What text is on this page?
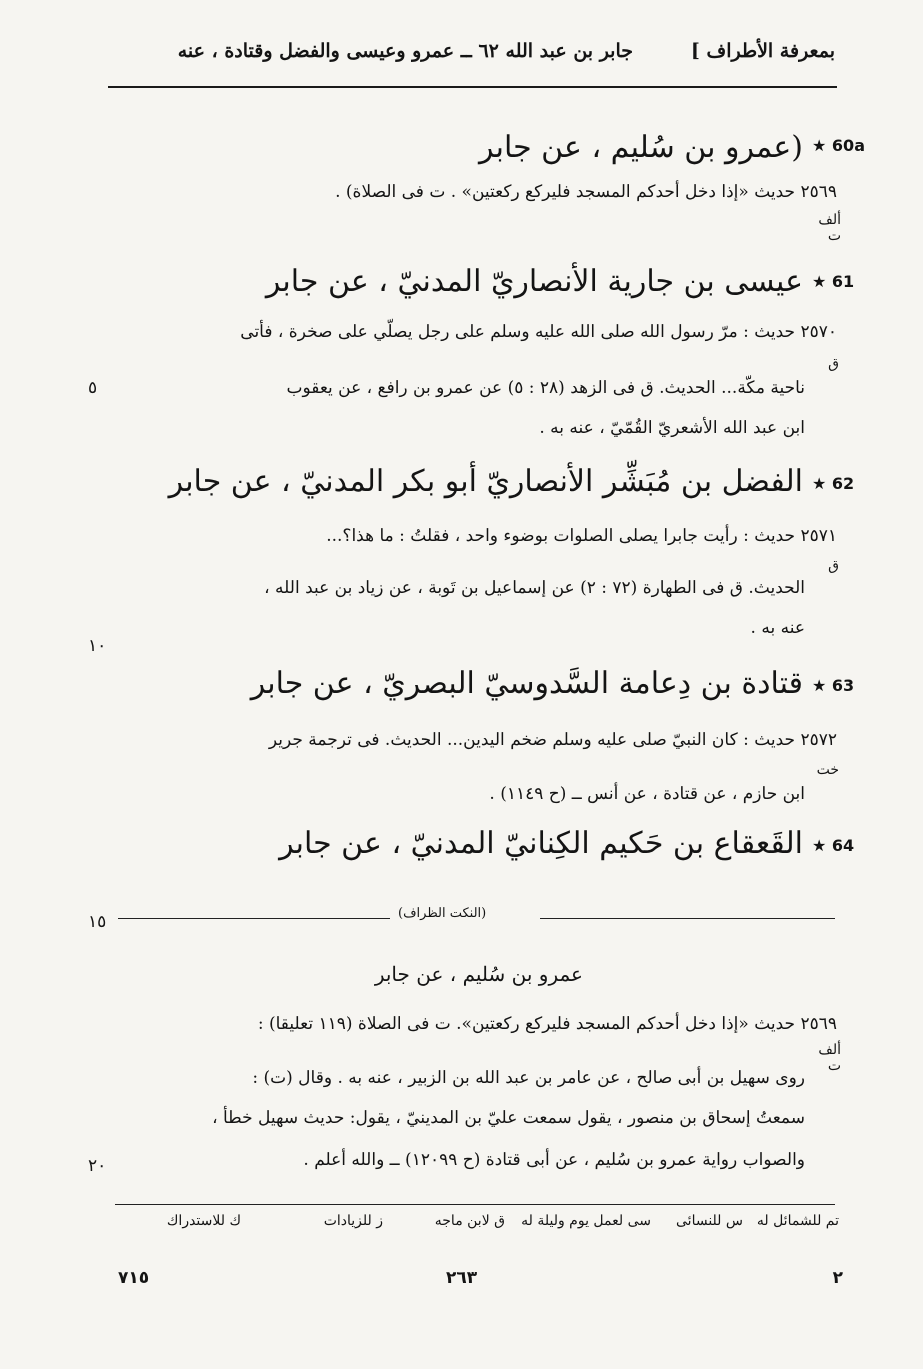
بمعرفة الأطراف ]
جابر بن عبد الله ٦٢ ــ عمرو وعيسى والفضل وقتادة ، عنه
★ 60a
(عمرو بن سُليم ، عن جابر
٢٥٦٩ حديث «إذا دخل أحدكم المسجد فليركع ركعتين» . ت فى الصلاة) .
ألف
ت
★ 61
عيسى بن جارية الأنصاريّ المدنيّ ، عن جابر
٢٥٧٠ حديث : مرّ رسول الله صلى الله عليه وسلم على رجل يصلّي على صخرة ، فأتى
ق
ناحية مكّة... الحديث. ق فى الزهد (٢٨ : ٥) عن عمرو بن رافع ، عن يعقوب
٥
ابن عبد الله الأشعريّ القُمّيّ ، عنه به .
★ 62
الفضل بن مُبَشِّر الأنصاريّ أبو بكر المدنيّ ، عن جابر
٢٥٧١ حديث : رأيت جابرا يصلى الصلوات بوضوء واحد ، فقلتُ : ما هذا؟...
ق
الحديث. ق فى الطهارة (٧٢ : ٢) عن إسماعيل بن تَوبة ، عن زياد بن عبد الله ،
عنه به .
١٠
★ 63
قتادة بن دِعامة السَّدوسيّ البصريّ ، عن جابر
٢٥٧٢ حديث : كان النبيّ صلى عليه وسلم ضخم اليدين... الحديث. فى ترجمة جرير
خت
ابن حازم ، عن قتادة ، عن أنس ــ (ح ١١٤٩) .
★ 64
القَعقاع بن حَكيم الكِنانيّ المدنيّ ، عن جابر
١٥	(النكت الظراف)
عمرو بن سُليم ، عن جابر
٢٥٦٩ حديث «إذا دخل أحدكم المسجد فليركع ركعتين». ت فى الصلاة (١١٩ تعليقا) :
ألف
ت
روى سهيل بن أبى صالح ، عن عامر بن عبد الله بن الزبير ، عنه به . وقال (ت) :
سمعتُ إسحاق بن منصور ، يقول سمعت عليّ بن المدينيّ ، يقول: حديث سهيل خطأ ،
والصواب رواية عمرو بن سُليم ، عن أبى قتادة (ح ١٢٠٩٩) ــ والله أعلم .
٢٠
تم للشمائل له
س للنسائى
سى لعمل يوم وليلة له
ق لابن ماجه
ز للزيادات
ك للاستدراك
٢
٢٦٣
٧١٥
